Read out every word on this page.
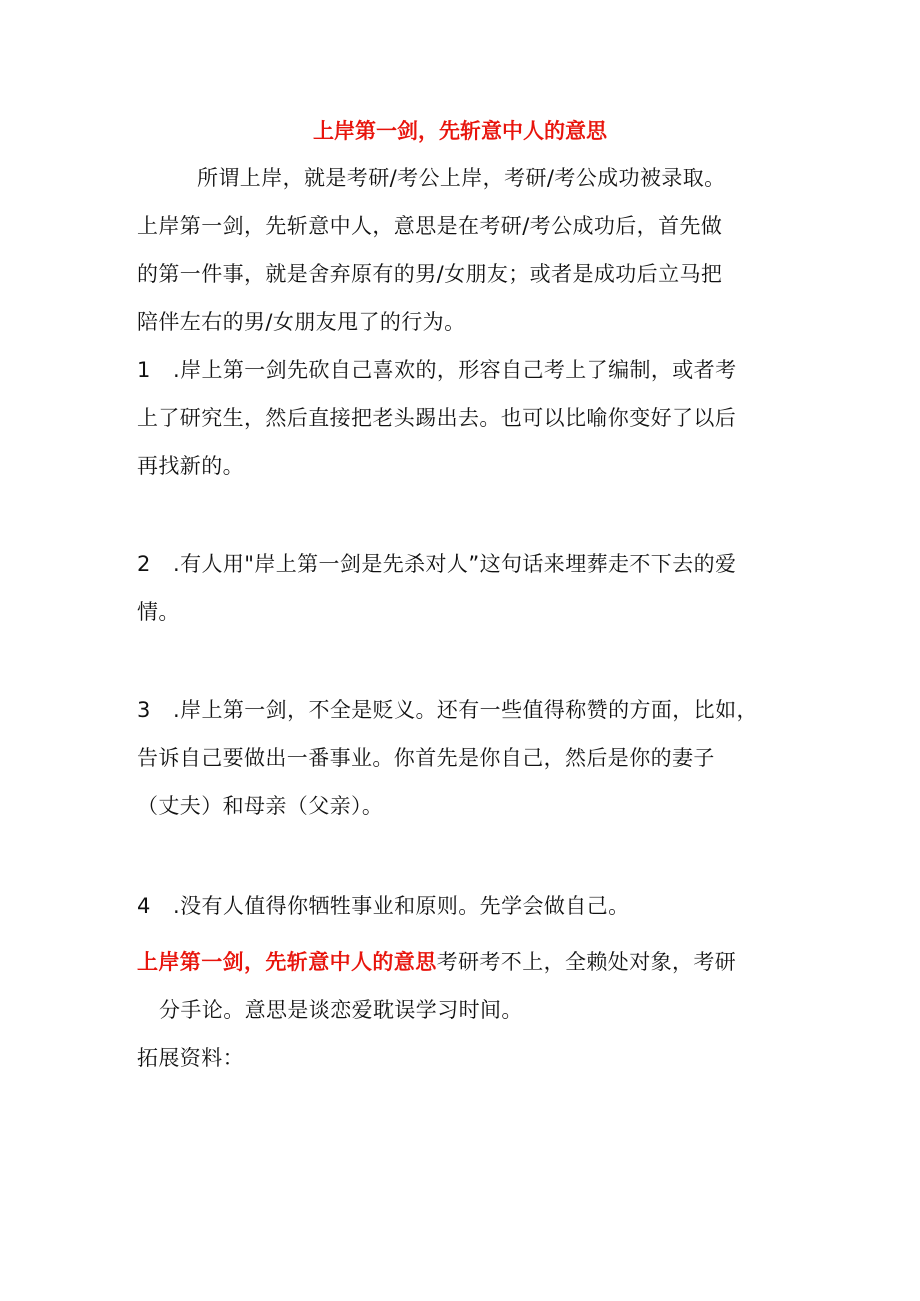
上岸第一剑，先斩意中人的意思
所谓上岸，就是考研/考公上岸，考研/考公成功被录取。
上岸第一剑，先斩意中人，意思是在考研/考公成功后，首先做
的第一件事，就是舍弃原有的男/女朋友；或者是成功后立马把
陪伴左右的男/女朋友甩了的行为。
1 .岸上第一剑先砍自己喜欢的，形容自己考上了编制，或者考
上了研究生，然后直接把老头踢出去。也可以比喻你变好了以后
再找新的。
2 .有人用"岸上第一剑是先杀对人”这句话来埋葬走不下去的爱
情。
3 .岸上第一剑，不全是贬义。还有一些值得称赞的方面，比如，
告诉自己要做出一番事业。你首先是你自己，然后是你的妻子
（丈夫）和母亲（父亲）。
4 .没有人值得你牺牲事业和原则。先学会做自己。
上岸第一剑，先斩意中人的意思考研考不上，全赖处对象，考研
分手论。意思是谈恋爱耽误学习时间。
拓展资料：
